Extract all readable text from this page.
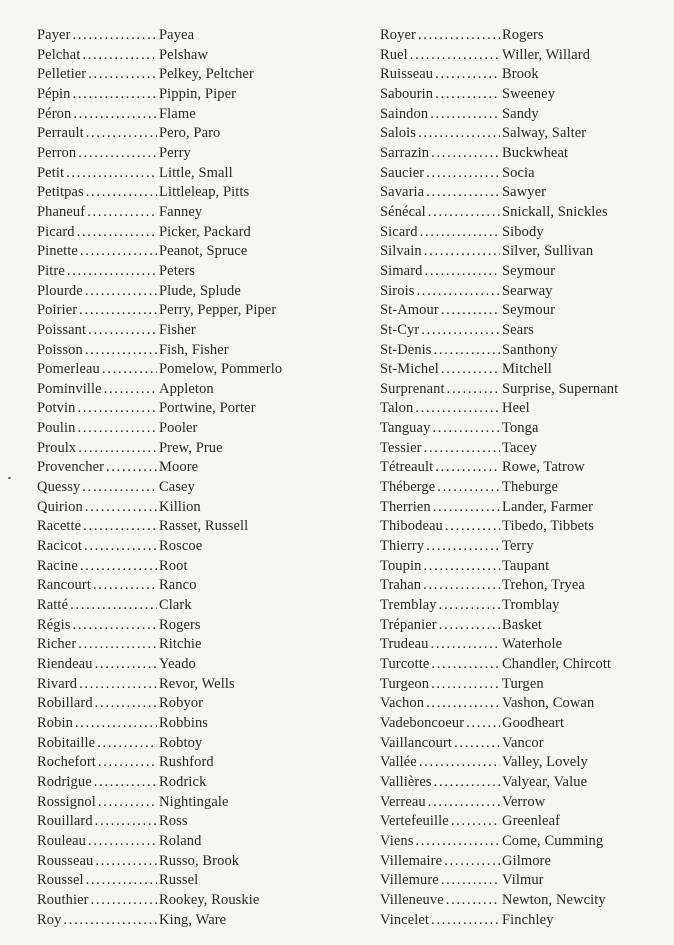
Payer .....	Payea
Pelchat .....	Pelshaw
Pelletier .....	Pelkey, Peltcher
Pépin .....	Pippin, Piper
Péron .....	Flame
Perrault .....	Pero, Paro
Perron .....	Perry
Petit .....	Little, Small
Petitpas .....	Littleleap, Pitts
Phaneuf .....	Fanney
Picard .....	Picker, Packard
Pinette .....	Peanot, Spruce
Pitre .....	Peters
Plourde .....	Plude, Splude
Poirier .....	Perry, Pepper, Piper
Poissant .....	Fisher
Poisson .....	Fish, Fisher
Pomerleau .....	Pomelow, Pommerlo
Pominville .....	Appleton
Potvin .....	Portwine, Porter
Poulin .....	Pooler
Proulx .....	Prew, Prue
Provencher .....	Moore
Quessy .....	Casey
Quirion .....	Killion
Racette .....	Rasset, Russell
Racicot .....	Roscoe
Racine .....	Root
Rancourt .....	Ranco
Ratté .....	Clark
Régis .....	Rogers
Richer .....	Ritchie
Riendeau .....	Yeado
Rivard .....	Revor, Wells
Robillard .....	Robyor
Robin .....	Robbins
Robitaille .....	Robtoy
Rochefort .....	Rushford
Rodrigue .....	Rodrick
Rossignol .....	Nightingale
Rouillard .....	Ross
Rouleau .....	Roland
Rousseau .....	Russo, Brook
Roussel .....	Russel
Routhier .....	Rookey, Rouskie
Roy .....	King, Ware
Royer .....	Rogers
Ruel .....	Willer, Willard
Ruisseau .....	Brook
Sabourin .....	Sweeney
Saindon .....	Sandy
Salois .....	Salway, Salter
Sarrazin .....	Buckwheat
Saucier .....	Socia
Savaria .....	Sawyer
Sénécal .....	Snickall, Snickles
Sicard .....	Sibody
Silvain .....	Silver, Sullivan
Simard .....	Seymour
Sirois .....	Searway
St-Amour .....	Seymour
St-Cyr .....	Sears
St-Denis .....	Santhony
St-Michel .....	Mitchell
Surprenant .....	Surprise, Supernant
Talon .....	Heel
Tanguay .....	Tonga
Tessier .....	Tacey
Tétreault .....	Rowe, Tatrow
Théberge .....	Theburge
Therrien .....	Lander, Farmer
Thibodeau .....	Tibedo, Tibbets
Thierry .....	Terry
Toupin .....	Taupant
Trahan .....	Trehon, Tryea
Tremblay .....	Tromblay
Trépanier .....	Basket
Trudeau .....	Waterhole
Turcotte .....	Chandler, Chircott
Turgeon .....	Turgen
Vachon .....	Vashon, Cowan
Vadeboncoeur .....	Goodheart
Vaillancourt .....	Vancor
Vallée .....	Valley, Lovely
Vallières .....	Valyear, Value
Verreau .....	Verrow
Vertefeuille .....	Greenleaf
Viens .....	Come, Cumming
Villemaire .....	Gilmore
Villemure .....	Vilmur
Villeneuve .....	Newton, Newcity
Vincelet .....	Finchley
